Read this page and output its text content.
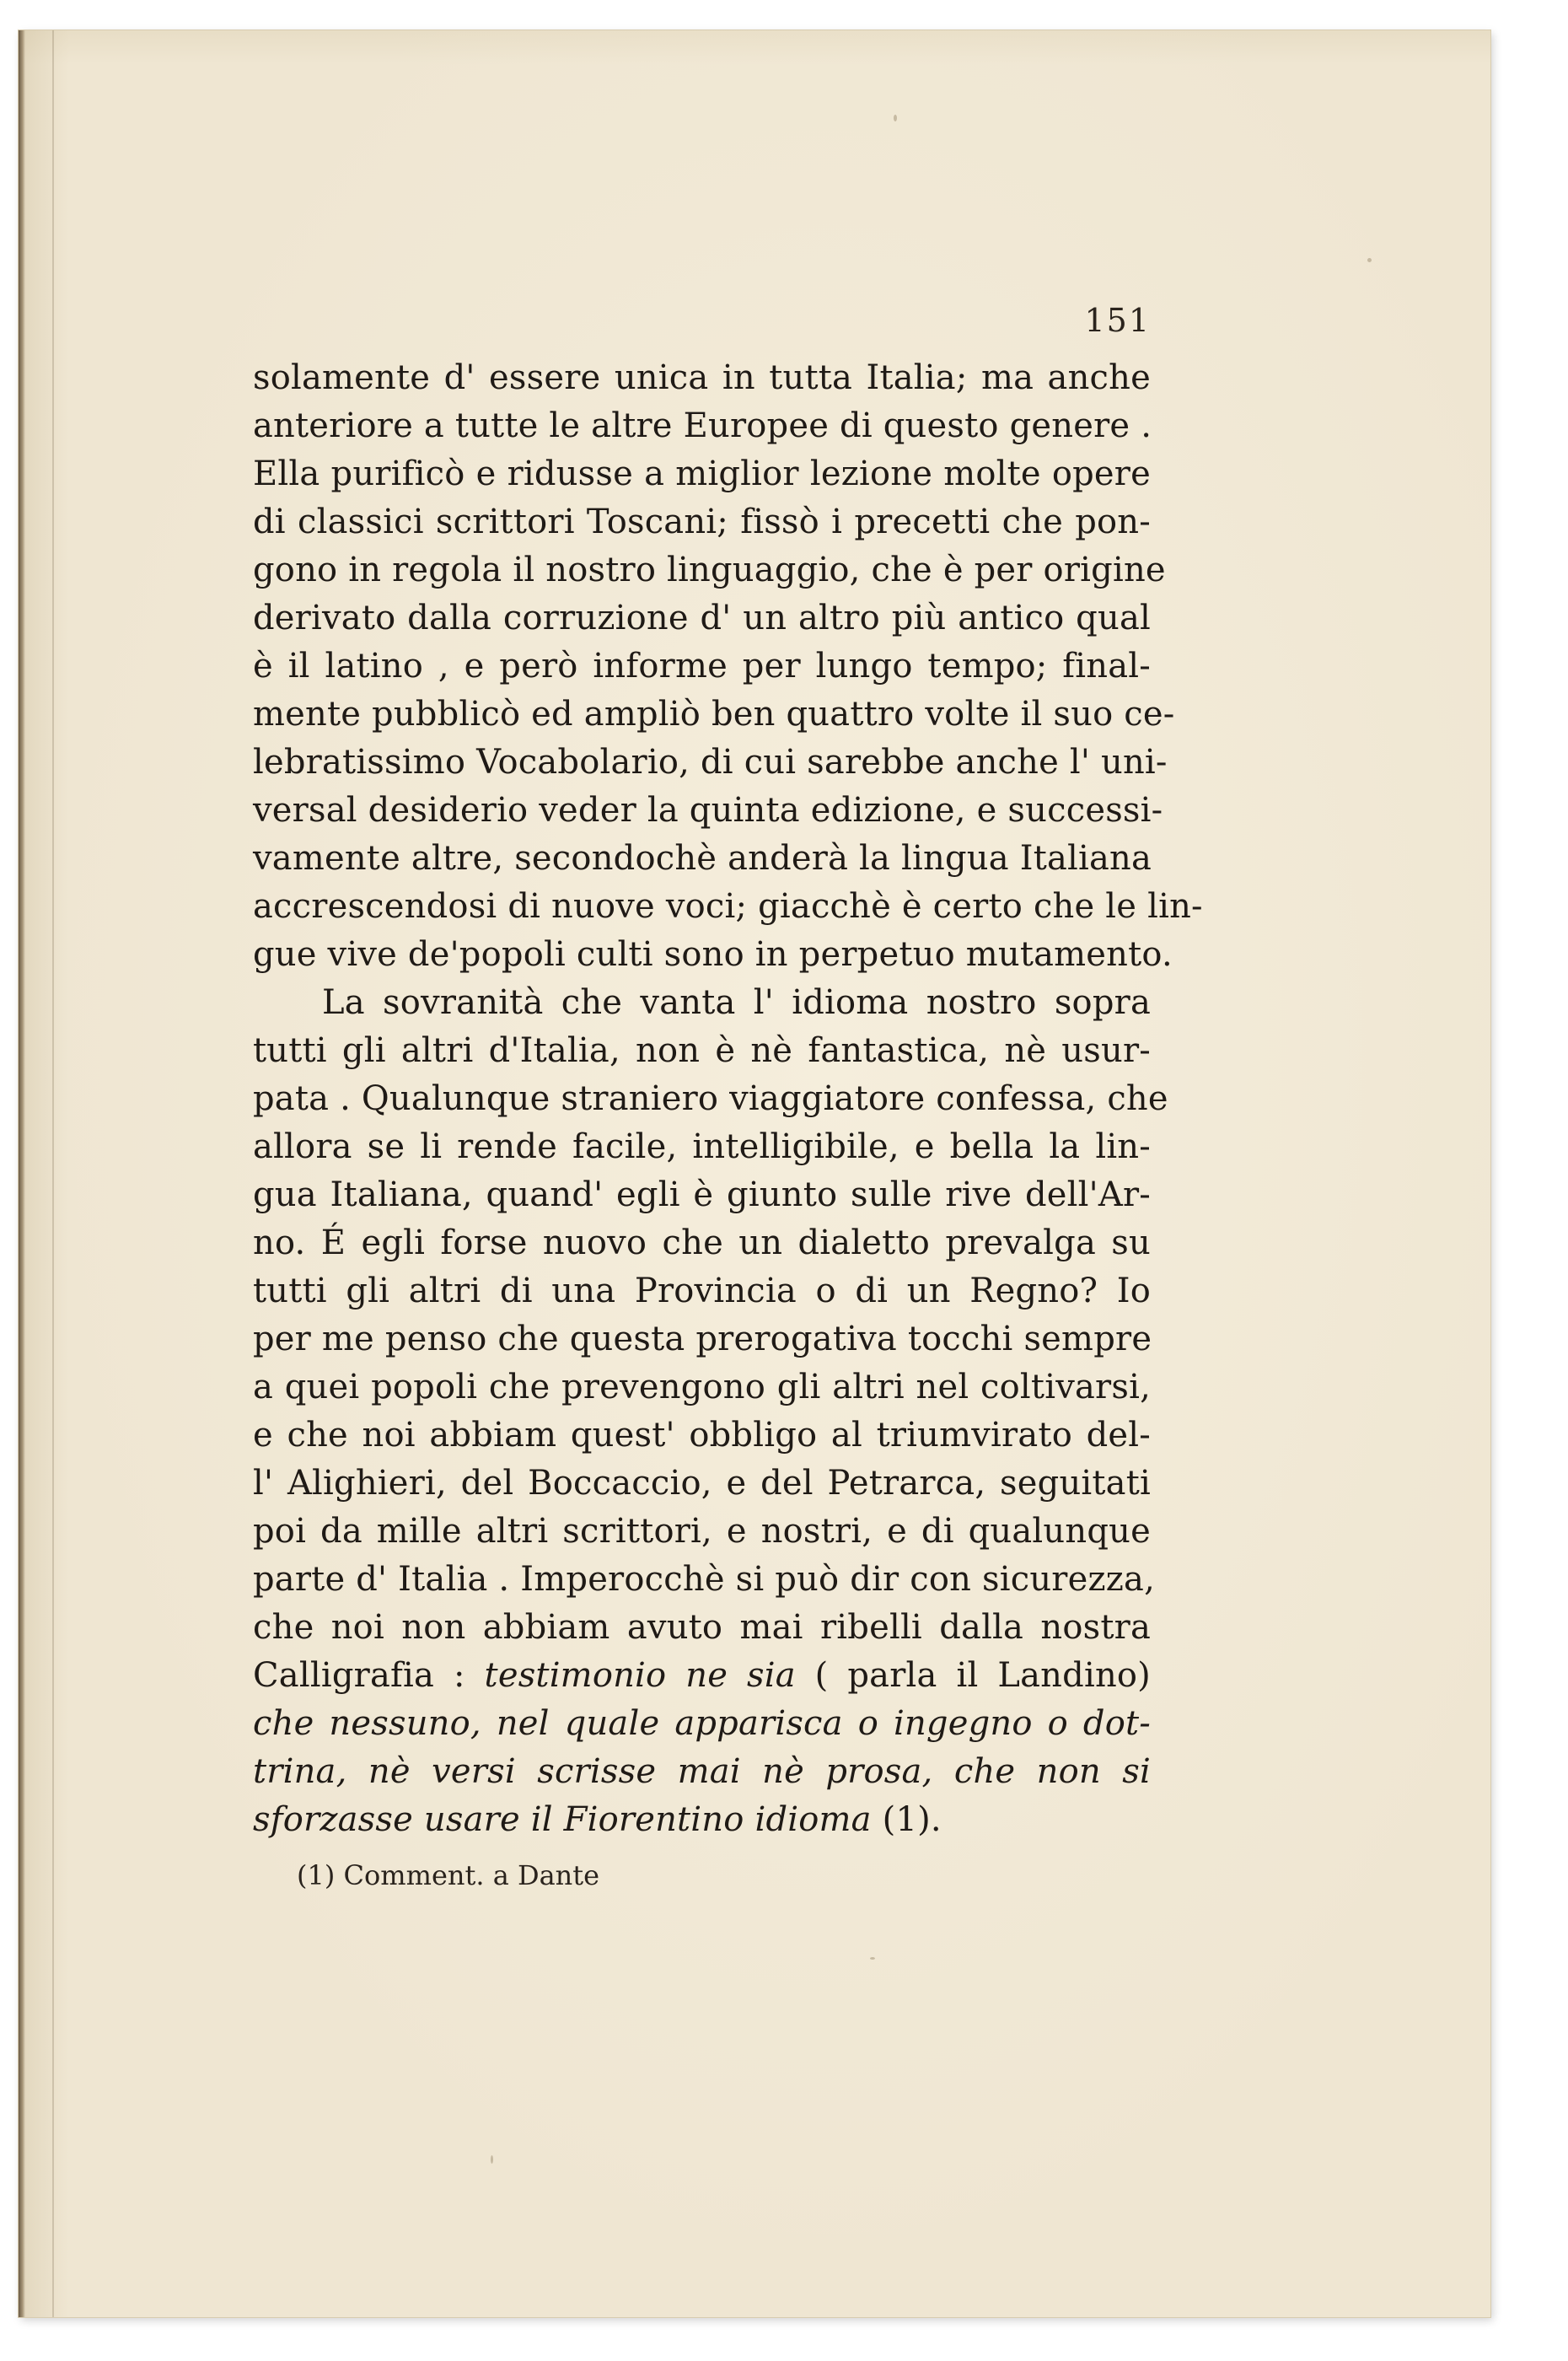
151
solamente d' essere unica in tutta Italia; ma anche
anteriore a tutte le altre Europee di questo genere .
Ella purificò e ridusse a miglior lezione molte opere
di classici scrittori Toscani; fissò i precetti che pon-
gono in regola il nostro linguaggio, che è per origine
derivato dalla corruzione d' un altro più antico qual
è il latino , e però informe per lungo tempo; final-
mente pubblicò ed ampliò ben quattro volte il suo ce-
lebratissimo Vocabolario, di cui sarebbe anche l' uni-
versal desiderio veder la quinta edizione, e successi-
vamente altre, secondochè anderà la lingua Italiana
accrescendosi di nuove voci; giacchè è certo che le lin-
gue vive de'popoli culti sono in perpetuo mutamento.
La sovranità che vanta l' idioma nostro sopra
tutti gli altri d'Italia, non è nè fantastica, nè usur-
pata . Qualunque straniero viaggiatore confessa, che
allora se li rende facile, intelligibile, e bella la lin-
gua Italiana, quand' egli è giunto sulle rive dell'Ar-
no. É egli forse nuovo che un dialetto prevalga su
tutti gli altri di una Provincia o di un Regno? Io
per me penso che questa prerogativa tocchi sempre
a quei popoli che prevengono gli altri nel coltivarsi,
e che noi abbiam quest' obbligo al triumvirato del-
l' Alighieri, del Boccaccio, e del Petrarca, seguitati
poi da mille altri scrittori, e nostri, e di qualunque
parte d' Italia . Imperocchè si può dir con sicurezza,
che noi non abbiam avuto mai ribelli dalla nostra
Calligrafia : testimonio ne sia ( parla il Landino)
che nessuno, nel quale apparisca o ingegno o dot-
trina, nè versi scrisse mai nè prosa, che non si
sforzasse usare il Fiorentino idioma (1).
(1) Comment. a Dante
